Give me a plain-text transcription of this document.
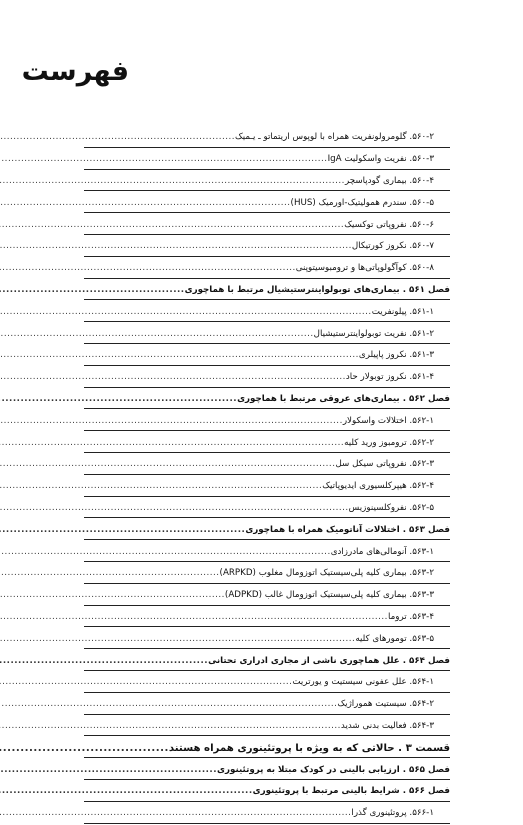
فهرست
۵۶۰-۲. گلومرولونفریت همراه با لوپوس اریتماتو ـ یـمیک
.....
۵۶۰-۳. نفریت واسکولیت IgA
.....
۵۶۰-۴. بیماری گودپاسچر
.....
۵۶۰-۵. سندرم همولیتیک-اورمیک (HUS)
.....
۵۶۰-۶. نفروپاتی توکسیک
.....
۵۶۰-۷. نکروز کورتیکال
.....
۵۶۰-۸. کوآگولوپاتی‌ها و ترومبوسیتوپنی
.....
فصل ۵۶۱ . بیماری‌های توبولواینترستیشیال مرتبط با هماچوری
.....
۵۶۱-۱. پیلونفریت
.....
۵۶۱-۲. نفریت توبولواینترستیشیال
.....
۵۶۱-۳. نکروز پاپیلری
.....
۵۶۱-۴. نکروز توبولار حاد
.....
فصل ۵۶۲ . بیماری‌های عروقی مرتبط با هماچوری
.....
۵۶۲-۱. اختلالات واسکولار
.....
۵۶۲-۲. ترومبوز ورید کلیه
.....
۵۶۲-۳. نفروپاتی سیکل سل
.....
۵۶۲-۴. هیپرکلسیوری ایدیوپاتیک
.....
۵۶۲-۵. نفروکلسینوزیس
.....
فصل ۵۶۳ . اختلالات آناتومیک همراه با هماچوری
.....
۵۶۳-۱. آنومالی‌های مادرزادی
.....
۵۶۳-۲. بیماری کلیه پلی‌سیستیک اتوزومال مغلوب (ARPKD)
.....
۵۶۳-۳. بیماری کلیه پلی‌سیستیک اتوزومال غالب (ADPKD)
.....
۵۶۳-۴. تروما
.....
۵۶۳-۵. تومورهای کلیه
.....
فصل ۵۶۴ . علل هماچوری ناشی از مجاری ادراری تحتانی
.....
۵۶۴-۱. علل عفونی سیستیت و یورتریت
.....
۵۶۴-۲. سیستیت هموراژیک
.....
۵۶۴-۳. فعالیت بدنی شدید
.....
قسمت ۳ . حالاتی که به ویژه با پروتئینوری همراه هستند
.....
فصل ۵۶۵ . ارزیابی بالینی در کودک مبتلا به پروتئینوری
.....
فصل ۵۶۶ . شرایط بالینی مرتبط با پروتئینوری
.....
۵۶۶-۱. پروتئینوری گذرا
.....
